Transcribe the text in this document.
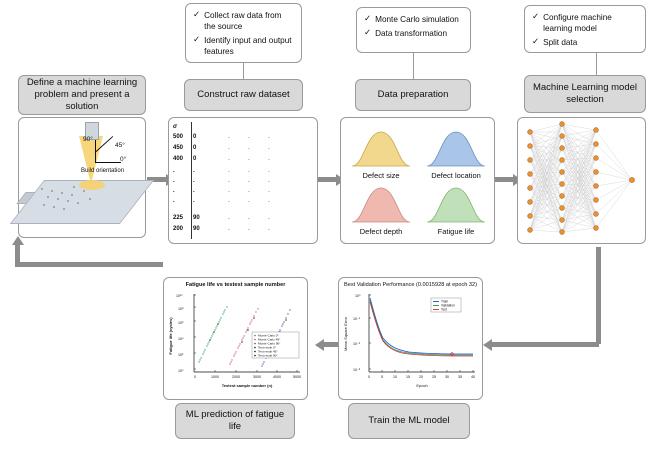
✓ Collect raw data from the source
✓ Identify input and output features
✓ Monte Carlo simulation
✓ Data transformation
✓ Configure machine learning model
✓ Split data
Define a machine learning problem and present a solution
Construct raw dataset	Data preparation
Machine Learning model selection
Train the ML model
ML prediction of fatigue life
90°
45°
0°
Build orientation
σ
500 0	.	.	.
450 0	.	.	.
400 0	.	.	.
.	.	.	.	.
.	.	.	.	.
.	.	.	.	.
.	.	.	.	.
225 90	.	.	.
200 90	.	.	.
Defect size	Defect location
Defect depth	Fatigue life
Fatigue life vs testest sample number
10⁰
10²
10⁴
10⁶
10⁸
10¹⁰
0	1000	2000	3000	4000	5000
Testest sample number (n)
Fatigue life (cycles)	Monte Carlo 0°
Monte Carlo 45°
Monte Carlo 90°
Test result 0°
Test result 45°
Test result 90°
Best Validation Performance (0.0015928 at epoch 32)
10⁰
10⁻¹
10⁻²
10⁻³
0	5	10	15	20	25	30	35	40
Epoch
Mean Square Error
Train
Validation
Test
